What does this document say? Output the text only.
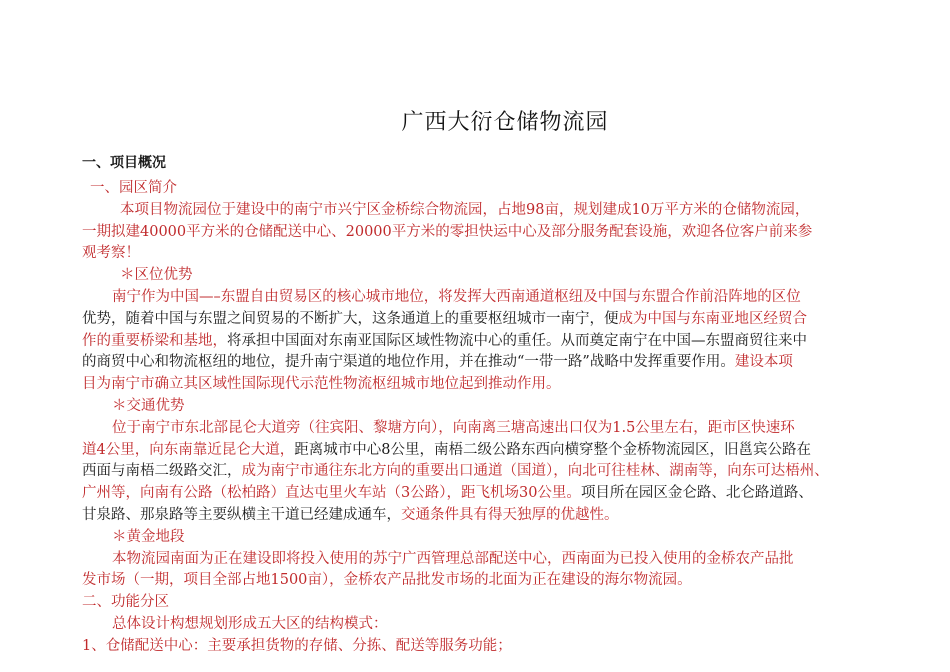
广西大衍仓储物流园
一、项目概况

一、园区简介

本项目物流园位于建设中的南宁市兴宁区金桥综合物流园，占地98亩，规划建成10万平方米的仓储物流园，

一期拟建40000平方米的仓储配送中心、20000平方米的零担快运中心及部分服务配套设施，欢迎各位客户前来参

观考察！

＊区位优势

南宁作为中国—–东盟自由贸易区的核心城市地位，将发挥大西南通道枢纽及中国与东盟合作前沿阵地的区位

优势，随着中国与东盟之间贸易的不断扩大，这条通道上的重要枢纽城市一南宁，便成为中国与东南亚地区经贸合

作的重要桥梁和基地，将承担中国面对东南亚国际区域性物流中心的重任。从而奠定南宁在中国—东盟商贸往来中

的商贸中心和物流枢纽的地位，提升南宁渠道的地位作用，并在推动“一带一路”战略中发挥重要作用。建设本项

目为南宁市确立其区域性国际现代示范性物流枢纽城市地位起到推动作用。

＊交通优势

位于南宁市东北部昆仑大道旁（往宾阳、黎塘方向），向南离三塘高速出口仅为1.5公里左右，距市区快速环

道4公里，向东南靠近昆仑大道，距离城市中心8公里，南梧二级公路东西向横穿整个金桥物流园区，旧邕宾公路在

西面与南梧二级路交汇，成为南宁市通往东北方向的重要出口通道（国道），向北可往桂林、湖南等，向东可达梧州、

广州等，向南有公路（松柏路）直达屯里火车站（3公路），距飞机场30公里。项目所在园区金仑路、北仑路道路、

甘泉路、那泉路等主要纵横主干道已经建成通车，交通条件具有得天独厚的优越性。

＊黄金地段

本物流园南面为正在建设即将投入使用的苏宁广西管理总部配送中心，西南面为已投入使用的金桥农产品批

发市场（一期，项目全部占地1500亩），金桥农产品批发市场的北面为正在建设的海尔物流园。

二、功能分区

总体设计构想规划形成五大区的结构模式：

1、仓储配送中心：主要承担货物的存储、分拣、配送等服务功能；
